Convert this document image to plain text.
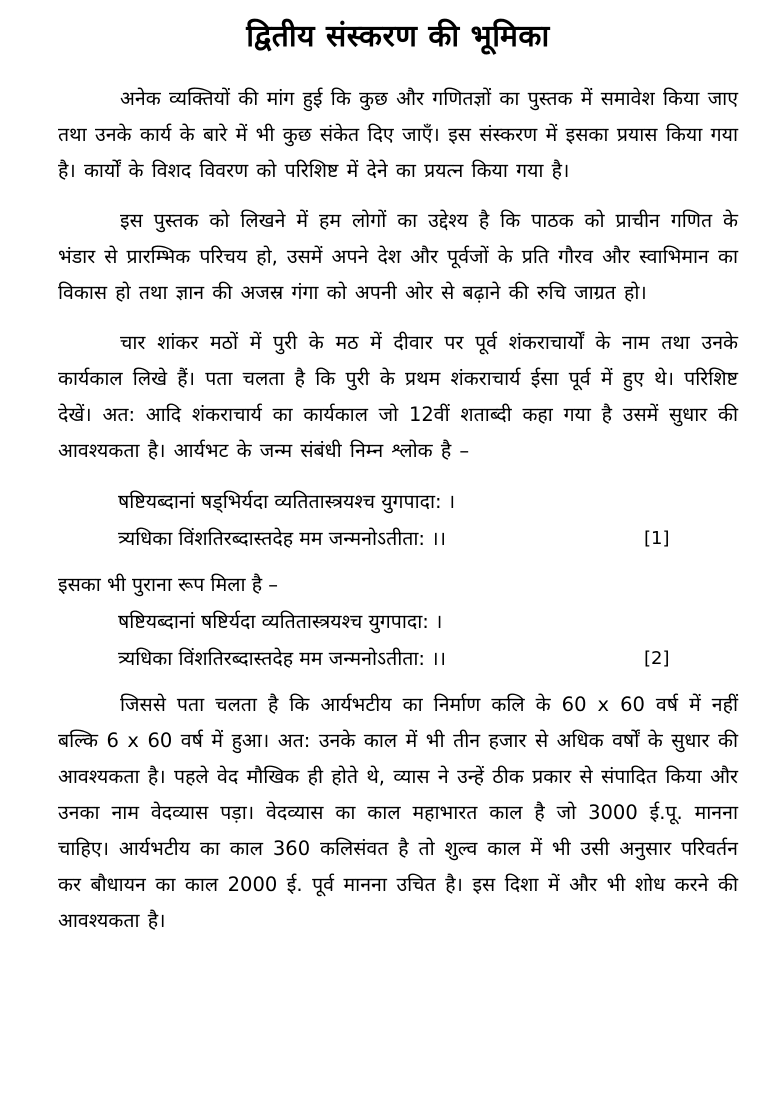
द्वितीय संस्करण की भूमिका

अनेक व्यक्तियों की मांग हुई कि कुछ और गणितज्ञों का पुस्तक में समावेश किया जाए तथा उनके कार्य के बारे में भी कुछ संकेत दिए जाएँ। इस संस्करण में इसका प्रयास किया गया है। कार्यों के विशद विवरण को परिशिष्ट में देने का प्रयत्न किया गया है।

इस पुस्तक को लिखने में हम लोगों का उद्देश्य है कि पाठक को प्राचीन गणित के भंडार से प्रारम्भिक परिचय हो, उसमें अपने देश और पूर्वजों के प्रति गौरव और स्वाभिमान का विकास हो तथा ज्ञान की अजस्र गंगा को अपनी ओर से बढ़ाने की रुचि जाग्रत हो।

चार शांकर मठों में पुरी के मठ में दीवार पर पूर्व शंकराचार्यों के नाम तथा उनके कार्यकाल लिखे हैं। पता चलता है कि पुरी के प्रथम शंकराचार्य ईसा पूर्व में हुए थे। परिशिष्ट देखें। अत: आदि शंकराचार्य का कार्यकाल जो 12वीं शताब्दी कहा गया है उसमें सुधार की आवश्यकता है। आर्यभट के जन्म संबंधी निम्न श्लोक है –

षष्टियब्दानां षड्भिर्यदा व्यतितास्त्रयश्च युगपादा: ।

त्र्यधिका विंशतिरब्दास्तदेह मम जन्मनोऽतीता: ।।	[1]

इसका भी पुराना रूप मिला है –

षष्टियब्दानां षष्टिर्यदा व्यतितास्त्रयश्च युगपादा: ।

त्र्यधिका विंशतिरब्दास्तदेह मम जन्मनोऽतीता: ।।	[2]

जिससे पता चलता है कि आर्यभटीय का निर्माण कलि के 60 x 60 वर्ष में नहीं बल्कि 6 x 60 वर्ष में हुआ। अत: उनके काल में भी तीन हजार से अधिक वर्षों के सुधार की आवश्यकता है। पहले वेद मौखिक ही होते थे, व्यास ने उन्हें ठीक प्रकार से संपादित किया और उनका नाम वेदव्यास पड़ा। वेदव्यास का काल महाभारत काल है जो 3000 ई.पू. मानना चाहिए। आर्यभटीय का काल 360 कलिसंवत है तो शुल्व काल में भी उसी अनुसार परिवर्तन कर बौधायन का काल 2000 ई. पूर्व मानना उचित है। इस दिशा में और भी शोध करने की आवश्यकता है।
